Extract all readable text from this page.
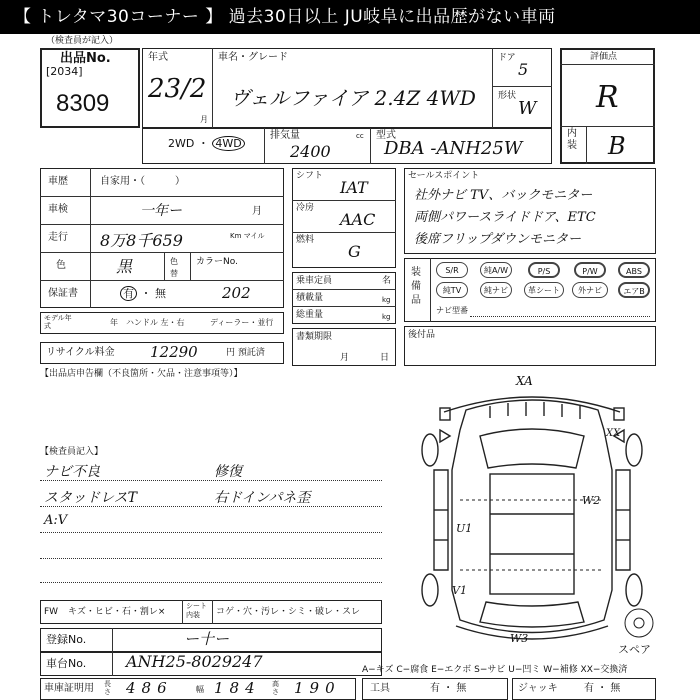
【 トレタマ30コーナー 】 過去30日以上 JU岐阜に出品歴がない車両
（検査員が記入）
出品No.
[2034]
8309
年式
23/2
月
車名・グレード
ヴェルファイア 2.4Z 4WD
ドア
5
形状
W
評価点
R
内装 B
2WD ・ 4WD
排気量	cc
2400
型式
DBA -ANH25W
車歴	自家用・（　　　）
車検	一年ー	月
走行 8万8千659	Km マイル
色	黒	色替
カラーNo.
保証書	有 ・ 無	202
モデル年式	年 ハンドル 左・右	ディーラー・並行
リサイクル料金 12290	円 預託済
【出品店申告欄（不良箇所・欠品・注意事項等）】
シフト
IAT
冷房
AAC
燃料
G
乗車定員	名
積載量	kg
総重量	kg
書類期限
月	日
セールスポイント
社外ナビ TV、バックモニター
両側パワースライドドア、ETC
後席フリップダウンモニター
装備品
S/R	純A/W	P/S	P/W	ABS
純TV	純ナビ	革シート	外ナビ	エアB
ナビ型番
後付品
【検査員記入】
ナビ不良	修復
スタッドレスT	右ドインパネ歪
A:V
XA
XX
W2
U1
V1
W3
スペア
FW キズ・ヒビ・石・割レ×
シート内装	コゲ・穴・汚レ・シミ・破レ・スレ
登録No.	ー十ー
車台No. ANH25-8029247	A−キズ C−腐食 E−エクボ S−サビ U−凹ミ W−補修 XX−交換済
車庫証明用 長さ 486	幅 184 高さ 190	工具	有 ・ 無	ジャッキ	有 ・ 無
